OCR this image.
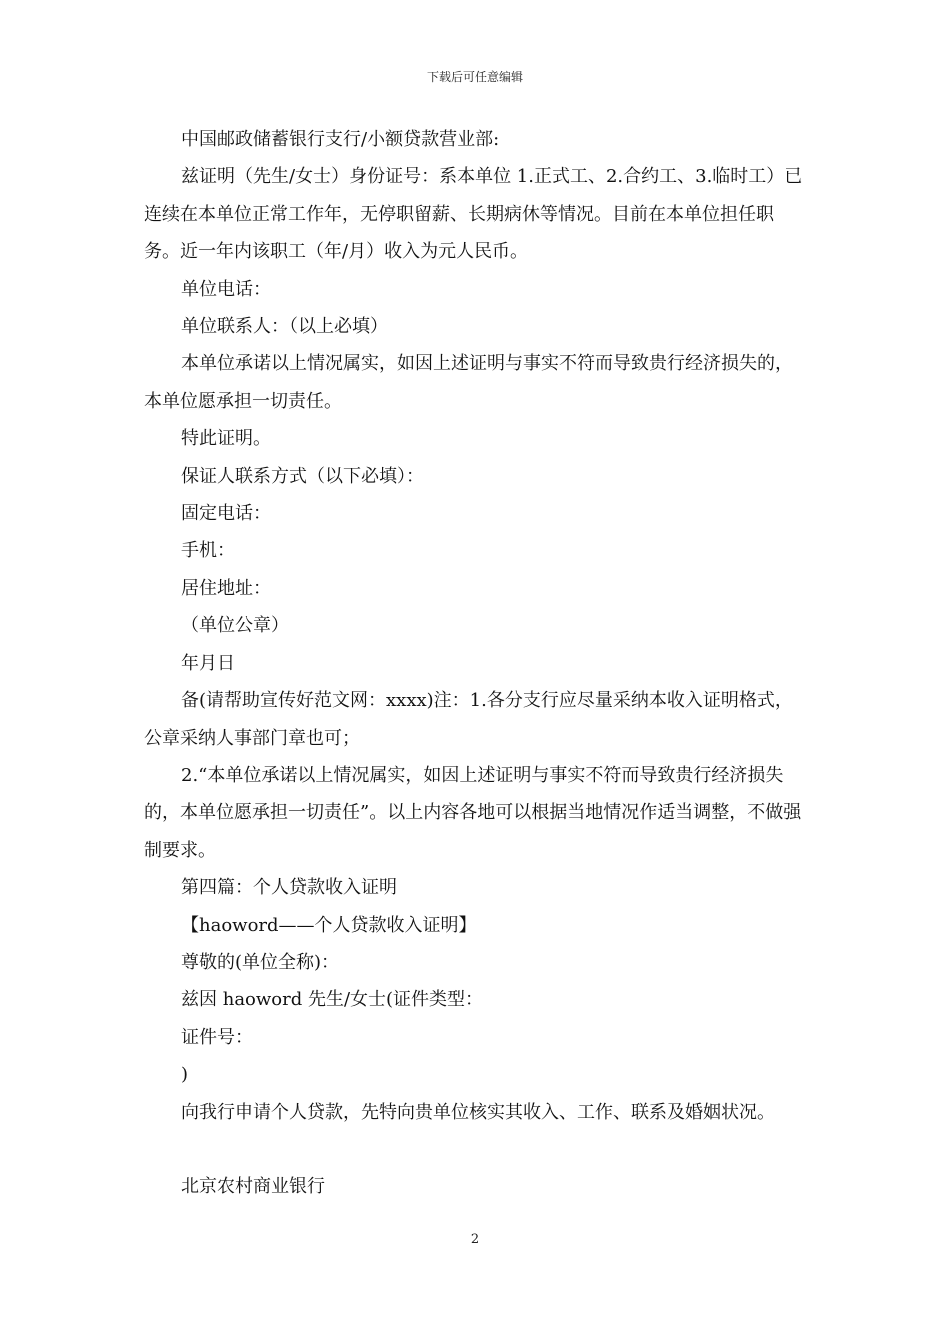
下载后可任意编辑

中国邮政储蓄银行支行/小额贷款营业部:

兹证明（先生/女士）身份证号：系本单位 1.正式工、2.合约工、3.临时工）已连续在本单位正常工作年，无停职留薪、长期病休等情况。目前在本单位担任职务。近一年内该职工（年/月）收入为元人民币。

单位电话：

单位联系人：（以上必填）

本单位承诺以上情况属实，如因上述证明与事实不符而导致贵行经济损失的，本单位愿承担一切责任。

特此证明。

保证人联系方式（以下必填）：

固定电话：

手机：

居住地址：

（单位公章）

年月日

备(请帮助宣传好范文网：xxxx)注：1.各分支行应尽量采纳本收入证明格式，公章采纳人事部门章也可；

2.“本单位承诺以上情况属实，如因上述证明与事实不符而导致贵行经济损失的，本单位愿承担一切责任”。以上内容各地可以根据当地情况作适当调整，不做强制要求。

第四篇：个人贷款收入证明

【haoword——个人贷款收入证明】

尊敬的(单位全称)：

兹因 haoword 先生/女士(证件类型：

证件号：

)

向我行申请个人贷款，先特向贵单位核实其收入、工作、联系及婚姻状况。

北京农村商业银行

2
